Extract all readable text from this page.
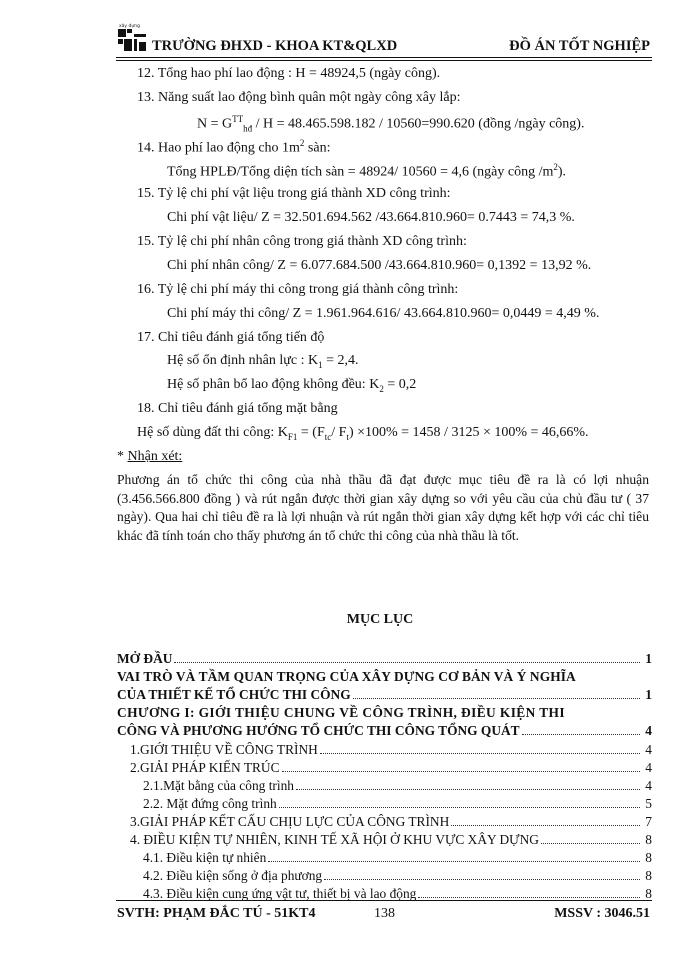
xây dựng
TRƯỜNG ĐHXD - KHOA KT&QLXD	ĐỒ ÁN TỐT NGHIỆP
12. Tổng hao phí lao động : H = 48924,5 (ngày công).
13. Năng suất lao động bình quân một ngày công xây lắp:
$N = G^{TT}_{hđ} / H = 48.465.598.182 / 10560=990.620$ (đồng /ngày công).
14. Hao phí lao động cho $1m^2$ sàn:
Tổng HPLĐ/Tổng diện tích sàn = 48924/ 10560 = 4,6 (ngày công $/m^2$).
15. Tỷ lệ chi phí vật liệu trong giá thành XD công trình:
Chi phí vật liệu/ Z = 32.501.694.562 /43.664.810.960= 0.7443 = 74,3 %.
15. Tỷ lệ chi phí nhân công trong giá thành XD công trình:
Chi phí nhân công/ Z = 6.077.684.500 /43.664.810.960= 0,1392 = 13,92 %.
16. Tỷ lệ chi phí máy thi công trong giá thành công trình:
Chi phí máy thi công/ Z = 1.961.964.616/ 43.664.810.960= 0,0449 = 4,49 %.
17. Chỉ tiêu đánh giá tổng tiến độ
Hệ số ổn định nhân lực : $K_1 = 2,4$.
Hệ số phân bổ lao động không đều: $K_2 = 0,2$
18. Chỉ tiêu đánh giá tổng mặt bằng
Hệ số dùng đất thi công: $K_{F1} = (F_{tc}/$ $F_t) \times 100\% = 1458 / 3125 \times 100\% = 46,66\%$.
* Nhận xét:
Phương án tổ chức thi công của nhà thầu đã đạt được mục tiêu đề ra là có lợi nhuận (3.456.566.800 đồng ) và rút ngắn được thời gian xây dựng so với yêu cầu của chủ đầu tư ( 37 ngày). Qua hai chỉ tiêu đề ra là lợi nhuận và rút ngắn thời gian xây dựng kết hợp với các chỉ tiêu khác đã tính toán cho thấy phương án tổ chức thi công của nhà thầu là tốt.
MỤC LỤC
MỞ ĐẦU	1
VAI TRÒ VÀ TẦM QUAN TRỌNG CỦA XÂY DỰNG CƠ BẢN VÀ Ý NGHĨA
CỦA THIẾT KẾ TỔ CHỨC THI CÔNG	1
CHƯƠNG I: GIỚI THIỆU CHUNG VỀ CÔNG TRÌNH, ĐIỀU KIỆN THI
CÔNG VÀ PHƯƠNG HƯỚNG TỔ CHỨC THI CÔNG TỔNG QUÁT	4
1.GIỚI THIỆU VỀ CÔNG TRÌNH	4
2.GIẢI PHÁP KIẾN TRÚC	4
2.1.Mặt bằng của công trình	4
2.2. Mặt đứng công trình	5
3.GIẢI PHÁP KẾT CẤU CHỊU LỰC CỦA CÔNG TRÌNH	7
4. ĐIỀU KIỆN TỰ NHIÊN, KINH TẾ XÃ HỘI Ở KHU VỰC XÂY DỰNG	8
4.1. Điều kiện tự nhiên	8
4.2. Điều kiện sống ở địa phương	8
4.3. Điều kiện cung ứng vật tư, thiết bị và lao động	8
SVTH: PHẠM ĐẮC TÚ - 51KT4	138	MSSV : 3046.51
